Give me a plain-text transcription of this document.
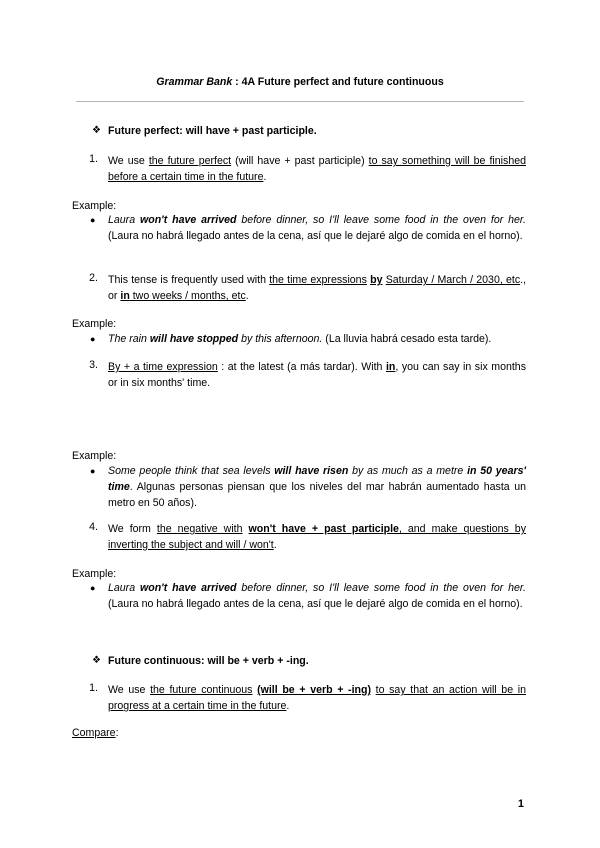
Grammar Bank : 4A Future perfect and future continuous
❖ Future perfect: will have + past participle.
1. We use the future perfect (will have + past participle) to say something will be finished before a certain time in the future.
Example:
● Laura won't have arrived before dinner, so I'll leave some food in the oven for her. (Laura no habrá llegado antes de la cena, así que le dejaré algo de comida en el horno).
2. This tense is frequently used with the time expressions by Saturday / March / 2030, etc., or in two weeks / months, etc.
Example:
● The rain will have stopped by this afternoon. (La lluvia habrá cesado esta tarde).
3. By + a time expression : at the latest (a más tardar). With in, you can say in six months or in six months' time.
Example:
● Some people think that sea levels will have risen by as much as a metre in 50 years' time. Algunas personas piensan que los niveles del mar habrán aumentado hasta un metro en 50 años).
4. We form the negative with won't have + past participle, and make questions by inverting the subject and will / won't.
Example:
● Laura won't have arrived before dinner, so I'll leave some food in the oven for her. (Laura no habrá llegado antes de la cena, así que le dejaré algo de comida en el horno).
❖ Future continuous: will be + verb + -ing.
1. We use the future continuous (will be + verb + -ing) to say that an action will be in progress at a certain time in the future.
Compare:
1
